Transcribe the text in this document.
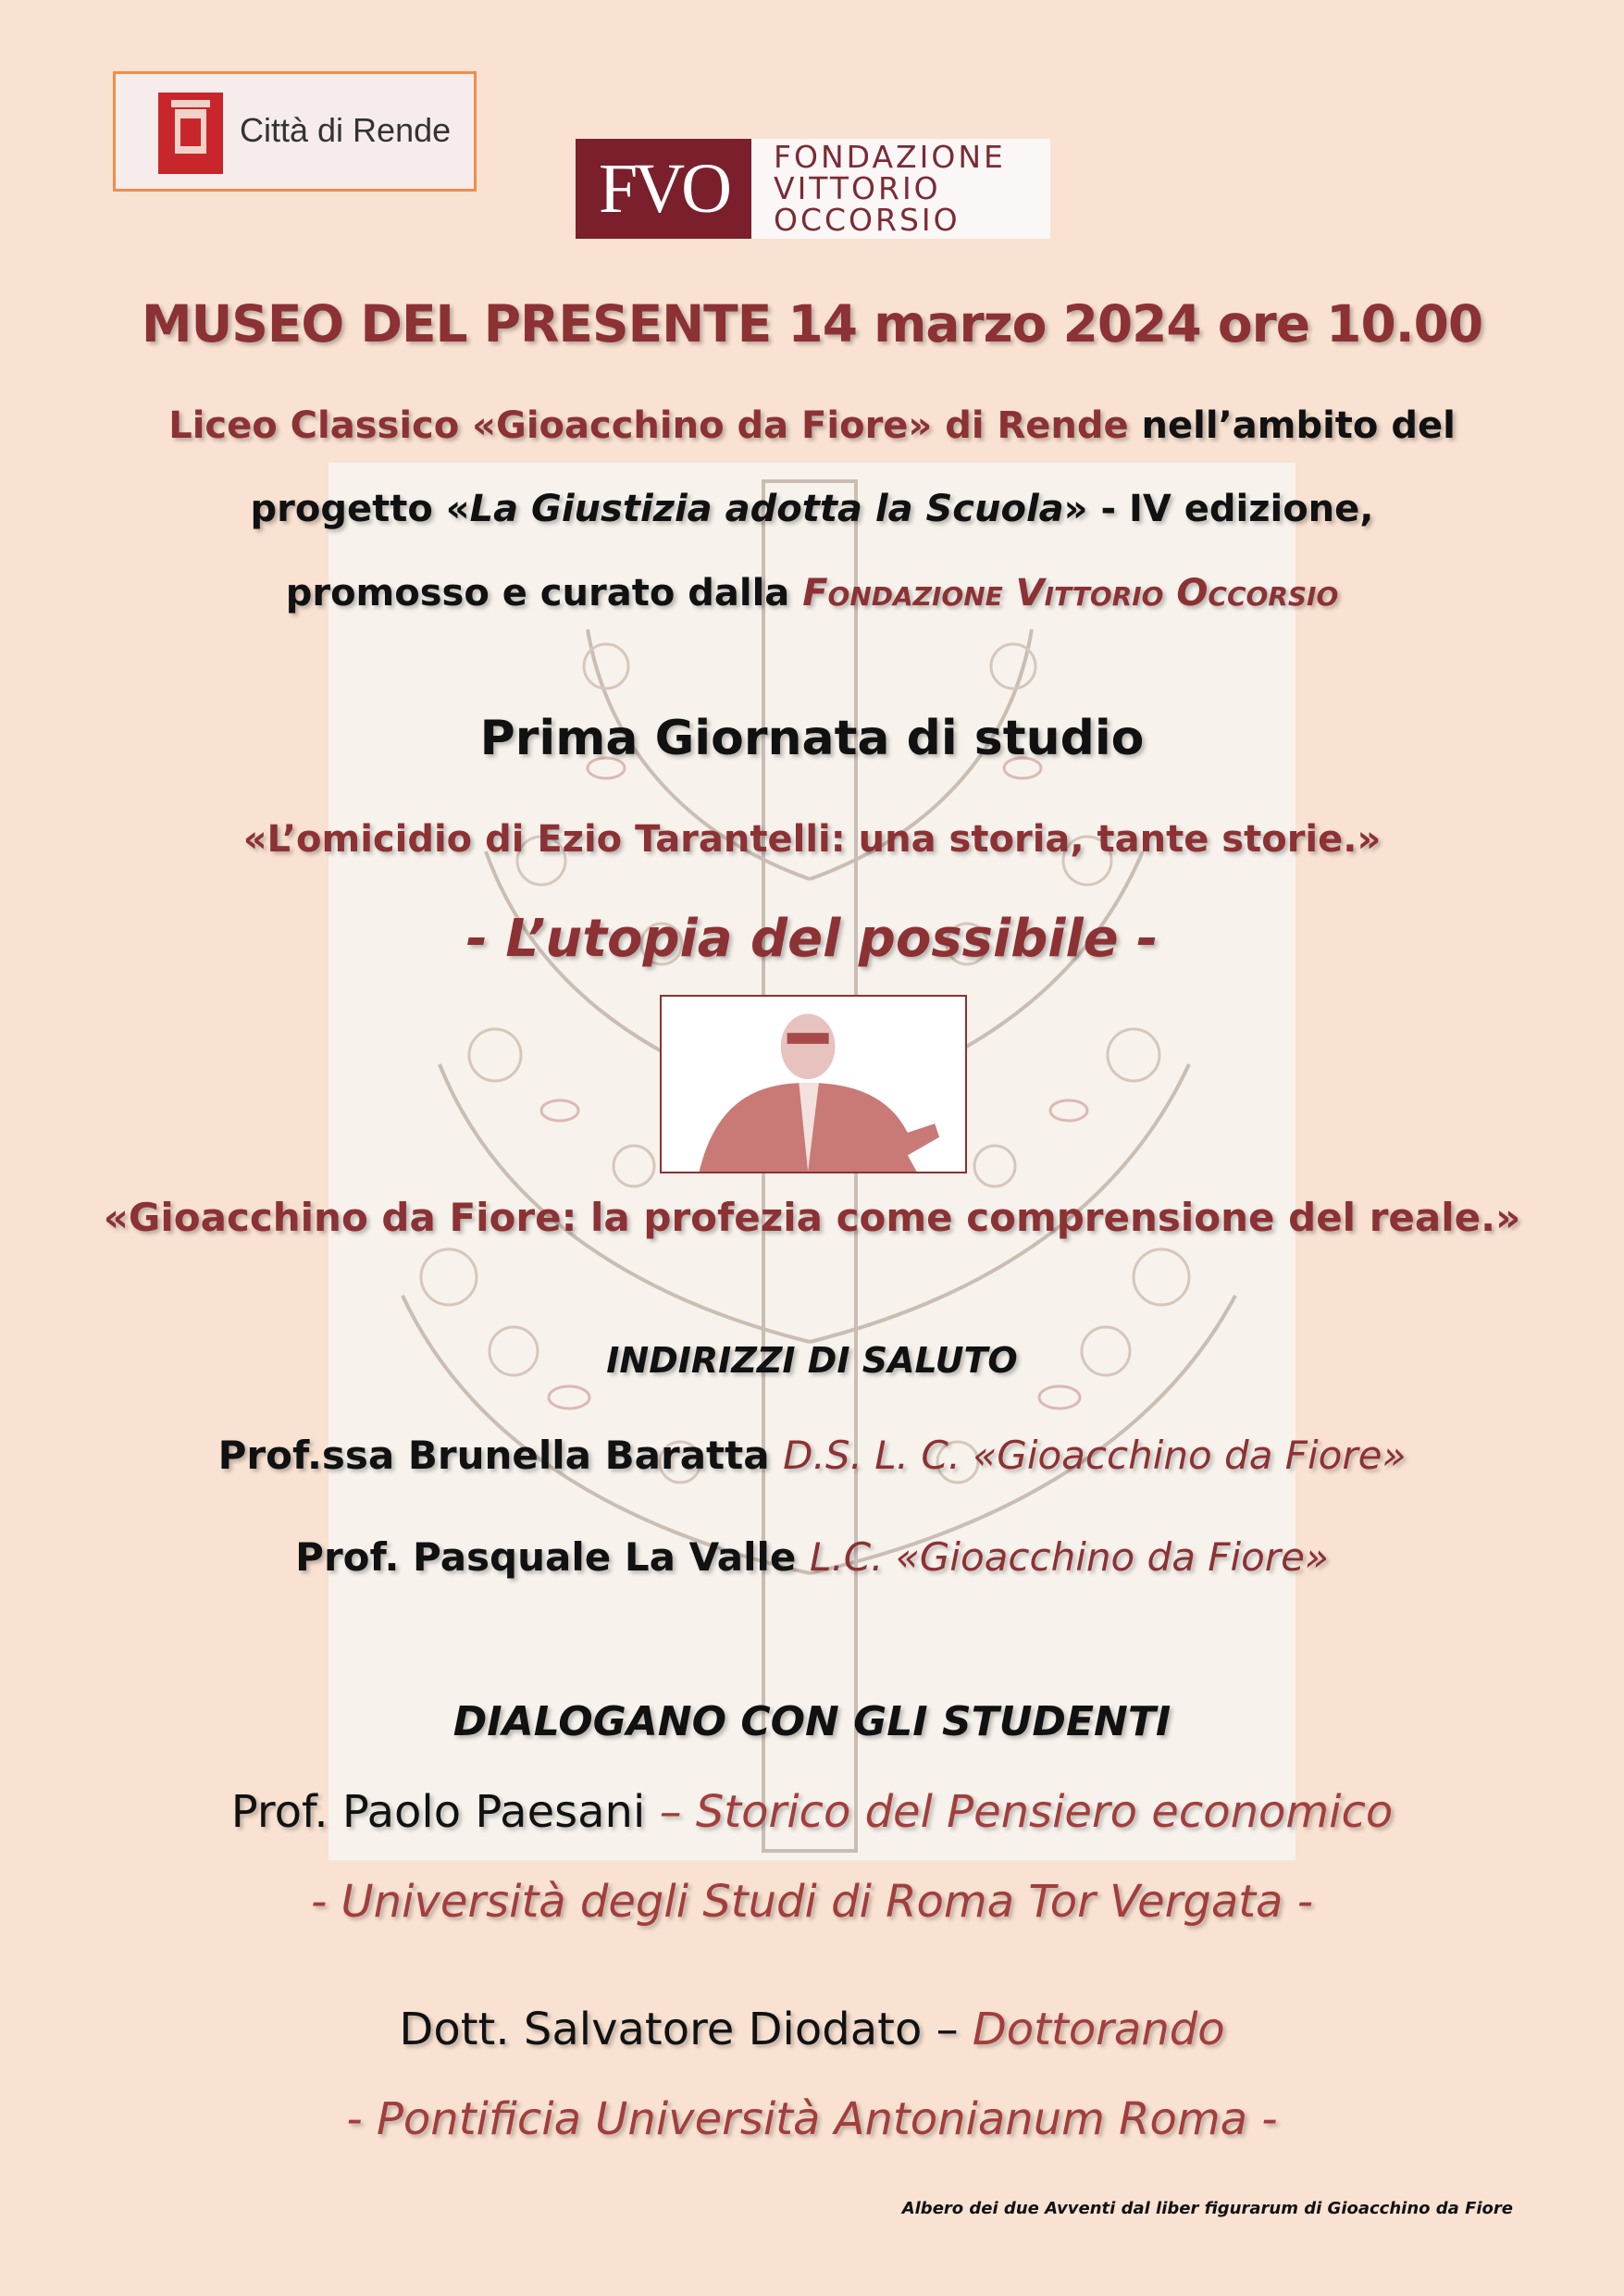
Città di Rende
FVO	FONDAZIONE
VITTORIO
OCCORSIO
MUSEO DEL PRESENTE 14 marzo 2024 ore 10.00
Liceo Classico «Gioacchino da Fiore» di Rende nell’ambito del
progetto «La Giustizia adotta la Scuola» - IV edizione,
promosso e curato dalla Fondazione Vittorio Occorsio
Prima Giornata di studio
«L’omicidio di Ezio Tarantelli: una storia, tante storie.»
- L’utopia del possibile -
«Gioacchino da Fiore: la profezia come comprensione del reale.»
INDIRIZZI DI SALUTO
Prof.ssa Brunella Baratta D.S. L. C. «Gioacchino da Fiore»
Prof. Pasquale La Valle L.C. «Gioacchino da Fiore»
DIALOGANO CON GLI STUDENTI
Prof. Paolo Paesani – Storico del Pensiero economico
- Università degli Studi di Roma Tor Vergata -
Dott. Salvatore Diodato – Dottorando
- Pontificia Università Antonianum Roma -
Albero dei due Avventi dal liber figurarum di Gioacchino da Fiore
